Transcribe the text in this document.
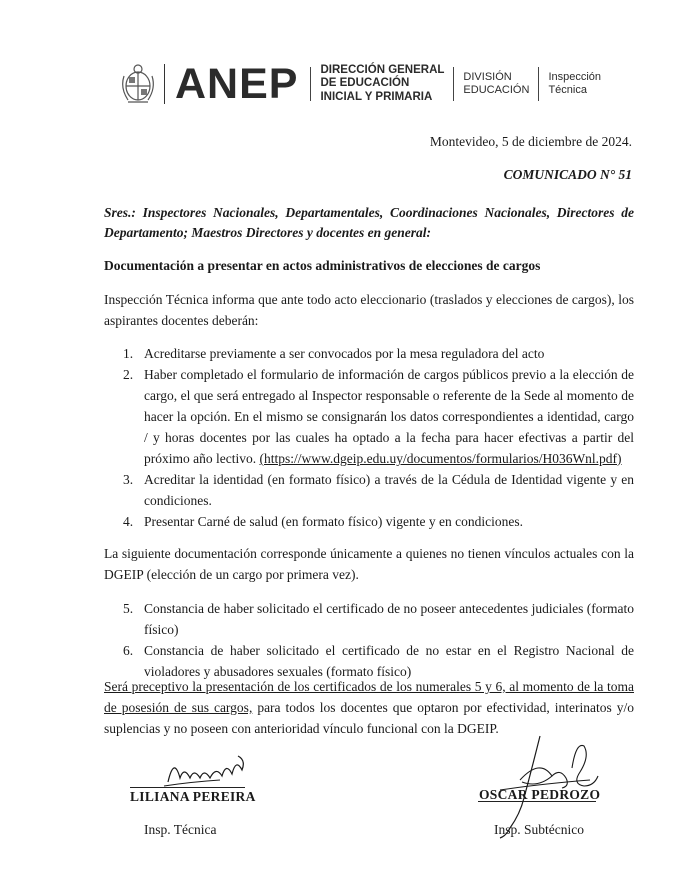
ANEP DIRECCIÓN GENERAL
DE EDUCACIÓN
INICIAL Y PRIMARIA
DIVISIÓN
EDUCACIÓN
Inspección
Técnica
Montevideo, 5 de diciembre de 2024.
COMUNICADO N° 51
Sres.: Inspectores Nacionales, Departamentales, Coordinaciones Nacionales, Directores de Departamento; Maestros Directores y docentes en general:
Documentación a presentar en actos administrativos de elecciones de cargos
Inspección Técnica informa que ante todo acto eleccionario (traslados y elecciones de cargos), los aspirantes docentes deberán:
1. Acreditarse previamente a ser convocados por la mesa reguladora del acto
2. Haber completado el formulario de información de cargos públicos previo a la elección de cargo, el que será entregado al Inspector responsable o referente de la Sede al momento de hacer la opción. En el mismo se consignarán los datos correspondientes a identidad, cargo / y horas docentes por las cuales ha optado a la fecha para hacer efectivas a partir del próximo año lectivo. (https://www.dgeip.edu.uy/documentos/formularios/H036Wnl.pdf)
3. Acreditar la identidad (en formato físico) a través de la Cédula de Identidad vigente y en condiciones.
4. Presentar Carné de salud (en formato físico) vigente y en condiciones.
La siguiente documentación corresponde únicamente a quienes no tienen vínculos actuales con la DGEIP (elección de un cargo por primera vez).
5. Constancia de haber solicitado el certificado de no poseer antecedentes judiciales (formato físico)
6. Constancia de haber solicitado el certificado de no estar en el Registro Nacional de violadores y abusadores sexuales (formato físico)
Será preceptivo la presentación de los certificados de los numerales 5 y 6, al momento de la toma de posesión de sus cargos, para todos los docentes que optaron por efectividad, interinatos y/o suplencias y no poseen con anterioridad vínculo funcional con la DGEIP.
LILIANA PEREIRA
Insp. Técnica
OSCAR PEDROZO
Insp. Subtécnico
